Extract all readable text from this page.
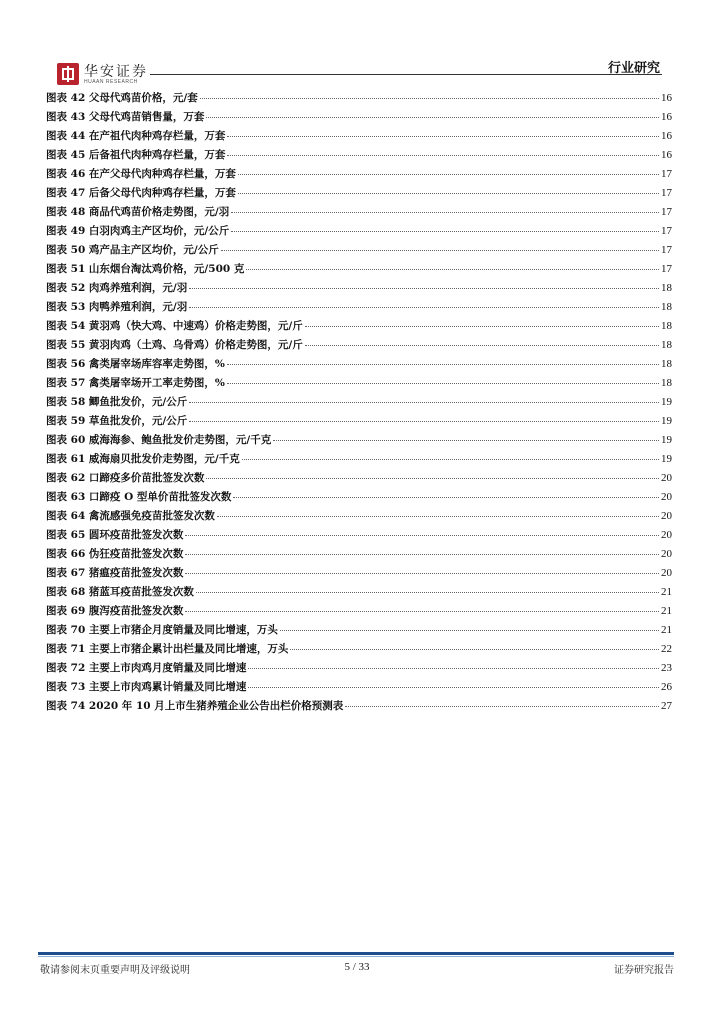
华安证券
HUAAN RESEARCH
行业研究
图表 42 父母代鸡苗价格，元/套	16
图表 43 父母代鸡苗销售量，万套	16
图表 44 在产祖代肉种鸡存栏量，万套	16
图表 45 后备祖代肉种鸡存栏量，万套	16
图表 46 在产父母代肉种鸡存栏量，万套	17
图表 47 后备父母代肉种鸡存栏量，万套	17
图表 48 商品代鸡苗价格走势图，元/羽	17
图表 49 白羽肉鸡主产区均价，元/公斤	17
图表 50 鸡产品主产区均价，元/公斤	17
图表 51 山东烟台淘汰鸡价格，元/500 克	17
图表 52 肉鸡养殖利润，元/羽	18
图表 53 肉鸭养殖利润，元/羽	18
图表 54 黄羽鸡（快大鸡、中速鸡）价格走势图，元/斤	18
图表 55 黄羽肉鸡（土鸡、乌骨鸡）价格走势图，元/斤	18
图表 56 禽类屠宰场库容率走势图，%	18
图表 57 禽类屠宰场开工率走势图，%	18
图表 58 鲫鱼批发价，元/公斤	19
图表 59 草鱼批发价，元/公斤	19
图表 60 威海海参、鲍鱼批发价走势图，元/千克	19
图表 61 威海扇贝批发价走势图，元/千克	19
图表 62 口蹄疫多价苗批签发次数	20
图表 63 口蹄疫 O 型单价苗批签发次数	20
图表 64 禽流感强免疫苗批签发次数	20
图表 65 圆环疫苗批签发次数	20
图表 66 伪狂疫苗批签发次数	20
图表 67 猪瘟疫苗批签发次数	20
图表 68 猪蓝耳疫苗批签发次数	21
图表 69 腹泻疫苗批签发次数	21
图表 70 主要上市猪企月度销量及同比增速，万头	21
图表 71 主要上市猪企累计出栏量及同比增速，万头	22
图表 72 主要上市肉鸡月度销量及同比增速	23
图表 73 主要上市肉鸡累计销量及同比增速	26
图表 74 2020 年 10 月上市生猪养殖企业公告出栏价格预测表	27
敬请参阅末页重要声明及评级说明	5 / 33	证券研究报告
